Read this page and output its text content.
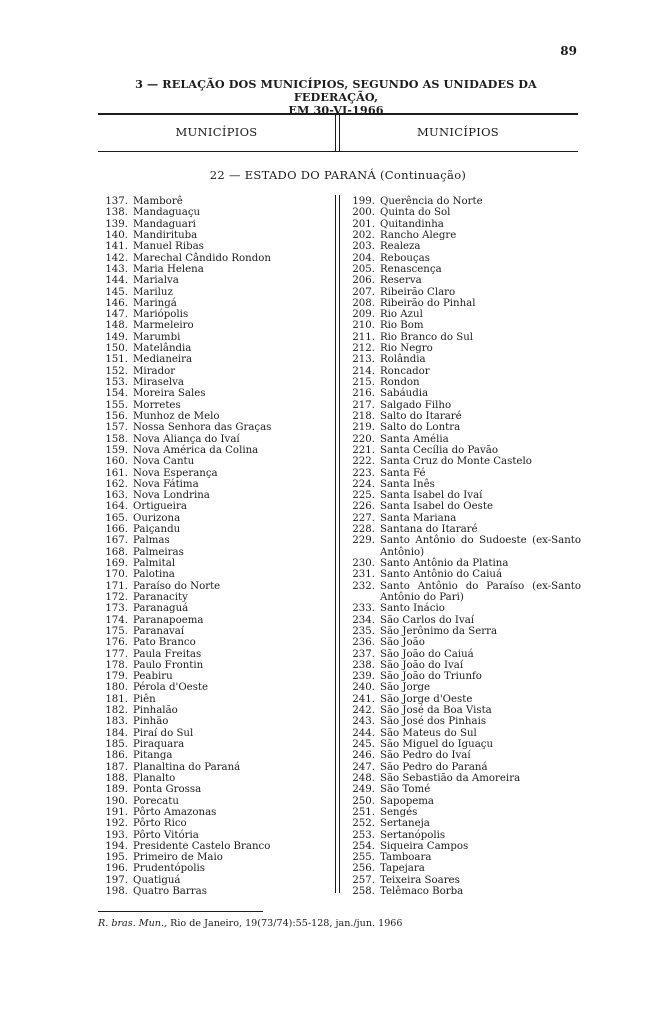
89
3 — RELAÇÃO DOS MUNICÍPIOS, SEGUNDO AS UNIDADES DA FEDERAÇÃO,
EM 30-VI-1966
MUNICÍPIOS	MUNICÍPIOS
22 — ESTADO DO PARANÁ (Continuação)
137. Mamborê
138. Mandaguaçu
139. Mandaguari
140. Mandirituba
141. Manuel Ribas
142. Marechal Cândido Rondon
143. Maria Helena
144. Marialva
145. Mariluz
146. Maringá
147. Mariópolis
148. Marmeleiro
149. Marumbi
150. Matelândia
151. Medianeira
152. Mirador
153. Miraselva
154. Moreira Sales
155. Morretes
156. Munhoz de Melo
157. Nossa Senhora das Graças
158. Nova Aliança do Ivaí
159. Nova América da Colina
160. Nova Cantu
161. Nova Esperança
162. Nova Fátima
163. Nova Londrina
164. Ortigueira
165. Ourizona
166. Paiçandu
167. Palmas
168. Palmeiras
169. Palmital
170. Palotina
171. Paraíso do Norte
172. Paranacity
173. Paranaguá
174. Paranapoema
175. Paranavaí
176. Pato Branco
177. Paula Freitas
178. Paulo Frontin
179. Peabiru
180. Pérola d'Oeste
181. Piên
182. Pinhalão
183. Pinhão
184. Piraí do Sul
185. Piraquara
186. Pitanga
187. Planaltina do Paraná
188. Planalto
189. Ponta Grossa
190. Porecatu
191. Pôrto Amazonas
192. Pôrto Rico
193. Pôrto Vitória
194. Presidente Castelo Branco
195. Primeiro de Maio
196. Prudentópolis
197. Quatiguá
198. Quatro Barras
199. Querência do Norte
200. Quinta do Sol
201. Quitandinha
202. Rancho Alegre
203. Realeza
204. Rebouças
205. Renascença
206. Reserva
207. Ribeirão Claro
208. Ribeirão do Pinhal
209. Rio Azul
210. Rio Bom
211. Rio Branco do Sul
212. Rio Negro
213. Rolândia
214. Roncador
215. Rondon
216. Sabáudia
217. Salgado Filho
218. Salto do Itararé
219. Salto do Lontra
220. Santa Amélia
221. Santa Cecília do Pavão
222. Santa Cruz do Monte Castelo
223. Santa Fé
224. Santa Inês
225. Santa Isabel do Ivaí
226. Santa Isabel do Oeste
227. Santa Mariana
228. Santana do Itararé
229. Santo Antônio do Sudoeste (ex-Santo Antônio)
230. Santo Antônio da Platina
231. Santo Antônio do Caiuá
232. Santo Antônio do Paraíso (ex-Santo Antônio do Pari)
233. Santo Inácio
234. São Carlos do Ivaí
235. São Jerônimo da Serra
236. São João
237. São João do Caiuá
238. São João do Ivaí
239. São João do Triunfo
240. São Jorge
241. São Jorge d'Oeste
242. São José da Boa Vista
243. São José dos Pinhais
244. São Mateus do Sul
245. São Miguel do Iguaçu
246. São Pedro do Ivaí
247. São Pedro do Paraná
248. São Sebastião da Amoreira
249. São Tomé
250. Sapopema
251. Sengés
252. Sertaneja
253. Sertanópolis
254. Siqueira Campos
255. Tamboara
256. Tapejara
257. Teixeira Soares
258. Telêmaco Borba
R. bras. Mun., Rio de Janeiro, 19(73/74):55-128, jan./jun. 1966
